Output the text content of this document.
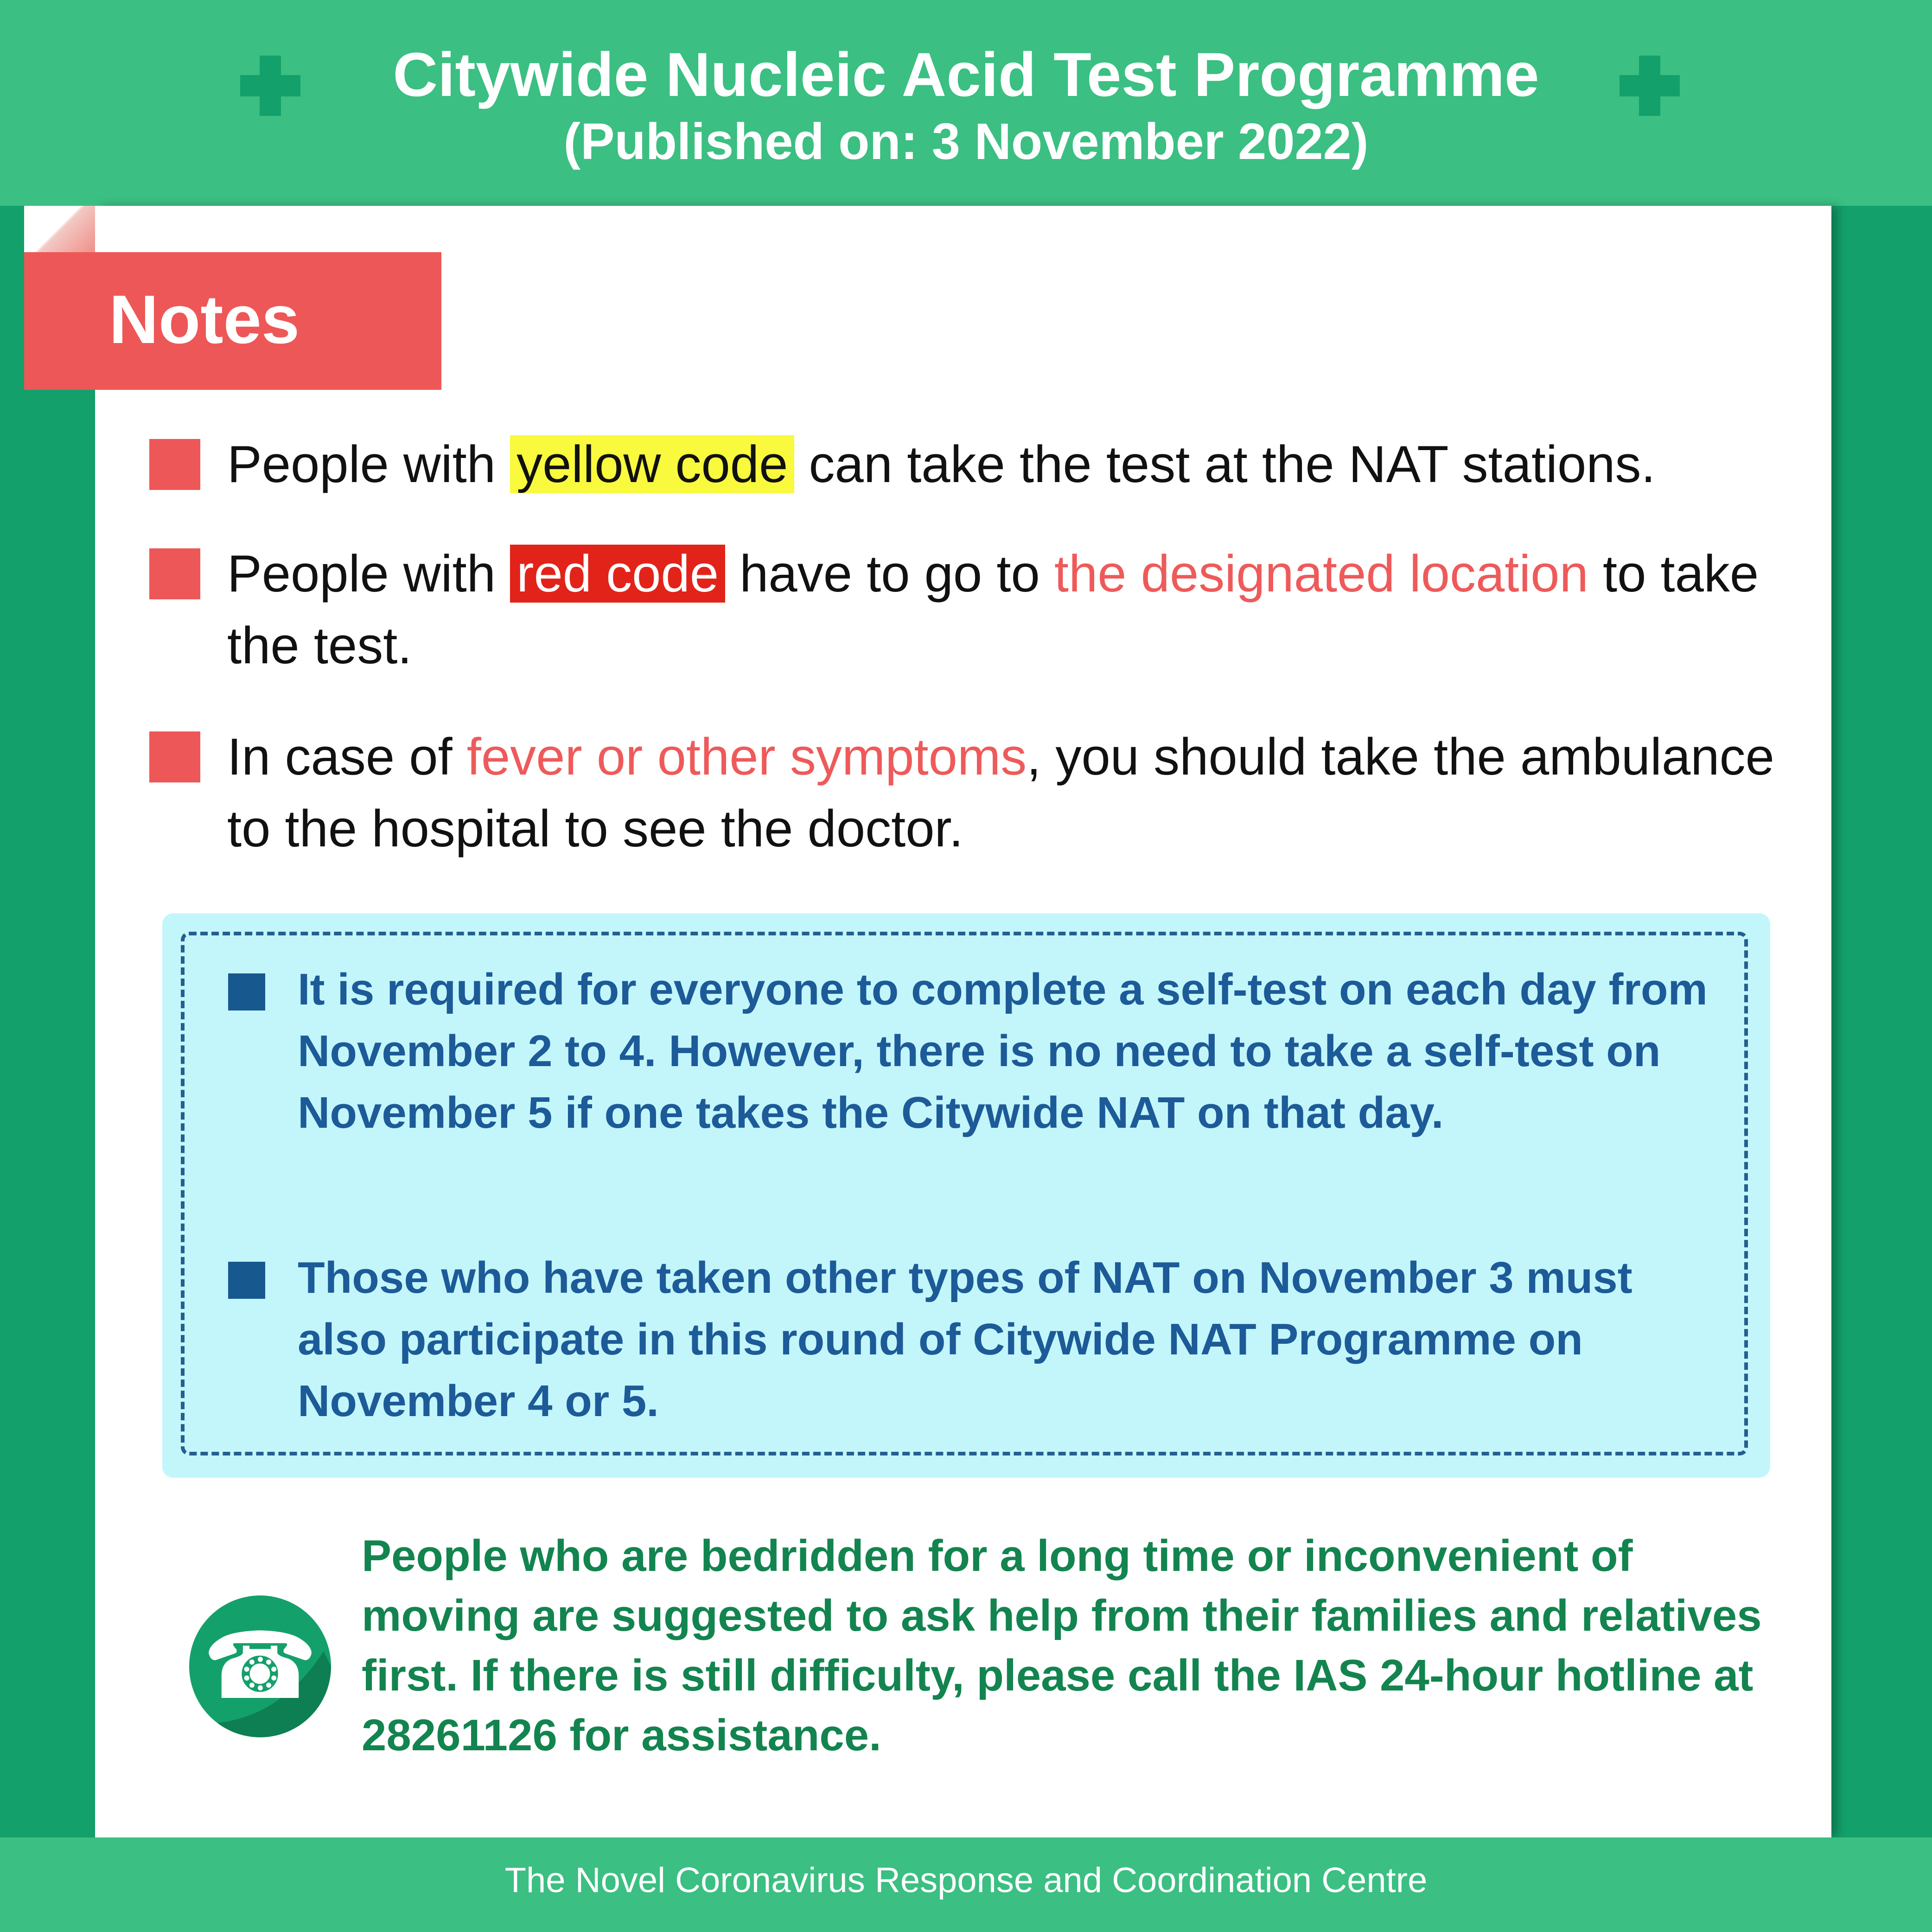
Citywide Nucleic Acid Test Programme
(Published on: 3 November 2022)
Notes
People with yellow code can take the test at the NAT stations.
People with red code have to go to the designated location to take the test.
In case of fever or other symptoms, you should take the ambulance to the hospital to see the doctor.
It is required for everyone to complete a self-test on each day from November 2 to 4. However, there is no need to take a self-test on November 5 if one takes the Citywide NAT on that day.
Those who have taken other types of NAT on November 3 must also participate in this round of Citywide NAT Programme on November 4 or 5.
☎
People who are bedridden for a long time or inconvenient of moving are suggested to ask help from their families and relatives first. If there is still difficulty, please call the IAS 24-hour hotline at 28261126 for assistance.
The Novel Coronavirus Response and Coordination Centre
